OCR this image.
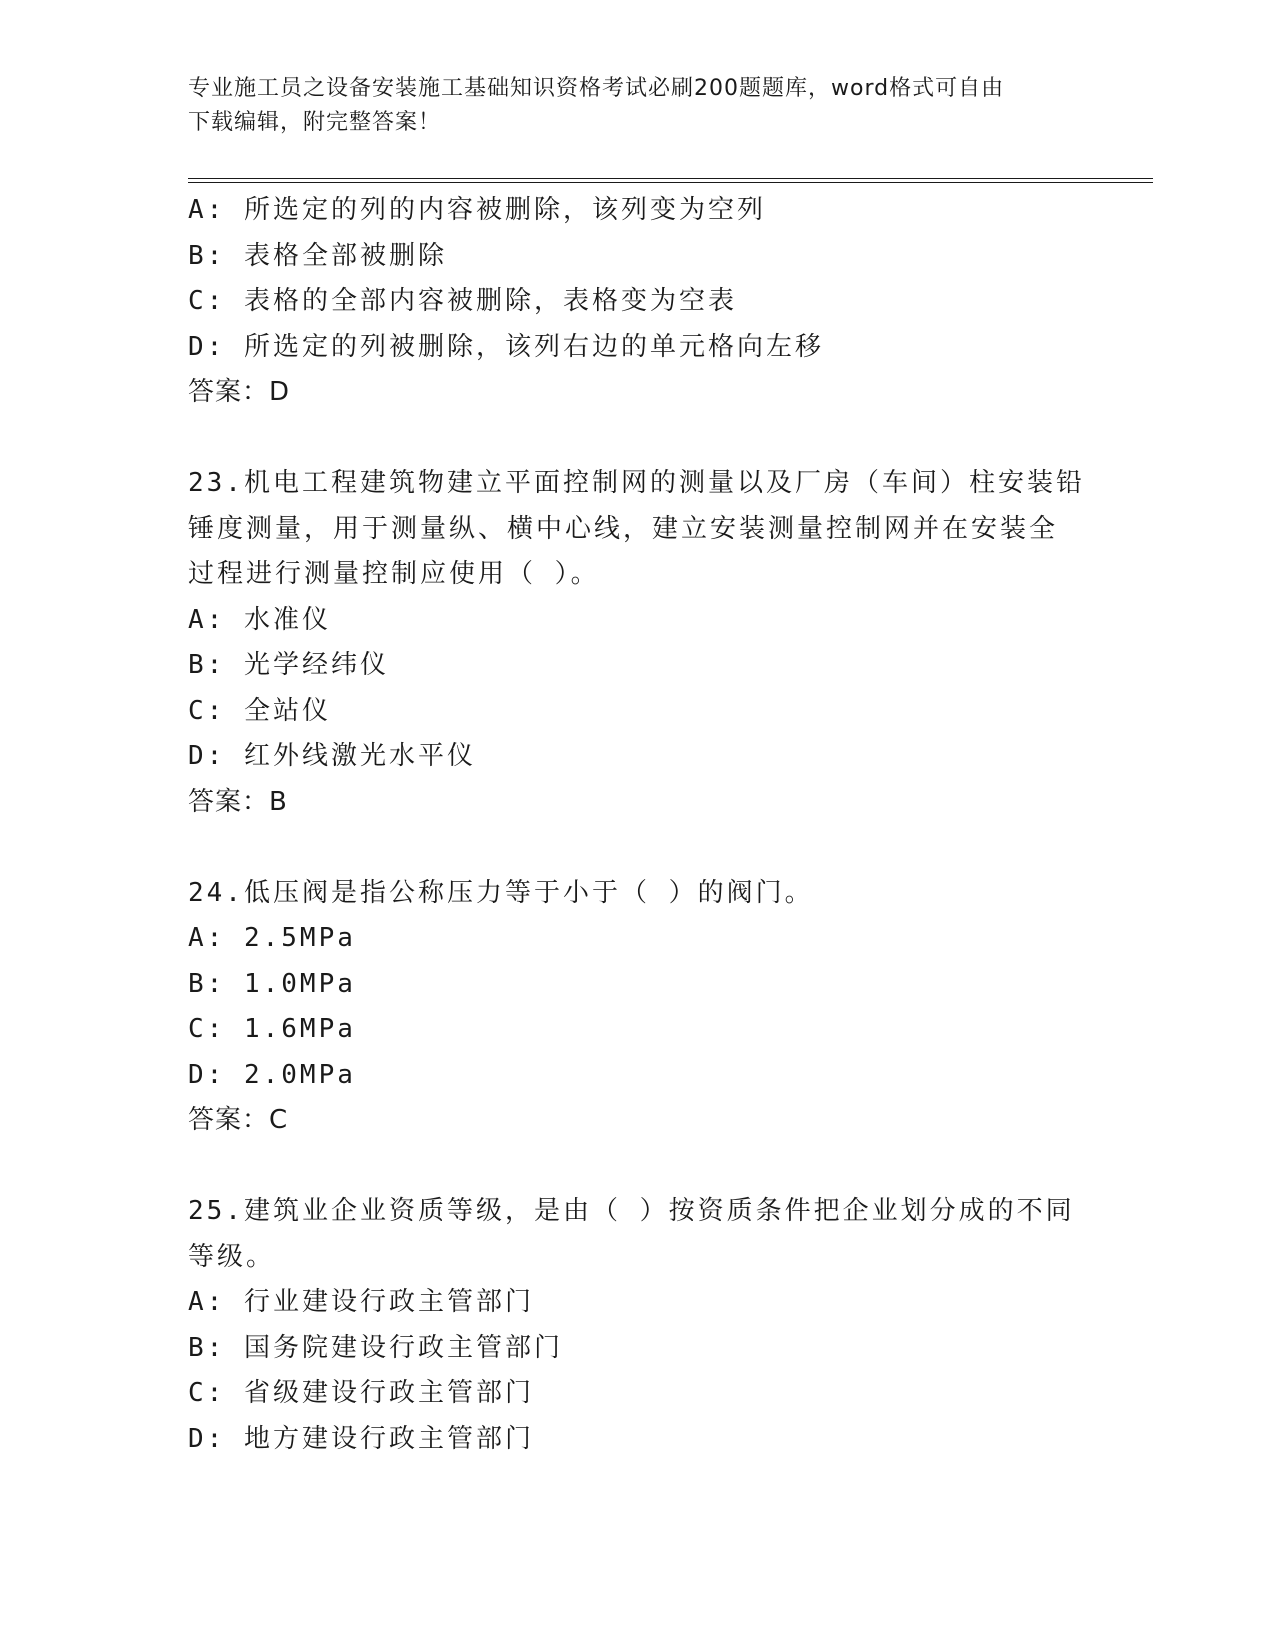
专业施工员之设备安装施工基础知识资格考试必刷200题题库，word格式可自由
下载编辑，附完整答案！
A: 所选定的列的内容被删除，该列变为空列
B: 表格全部被删除
C: 表格的全部内容被删除，表格变为空表
D: 所选定的列被删除，该列右边的单元格向左移
答案：D
23.机电工程建筑物建立平面控制网的测量以及厂房（车间）柱安装铅
锤度测量，用于测量纵、横中心线，建立安装测量控制网并在安装全
过程进行测量控制应使用（ ）。
A: 水准仪
B: 光学经纬仪
C: 全站仪
D: 红外线激光水平仪
答案：B
24.低压阀是指公称压力等于小于（ ）的阀门。
A: 2.5MPa
B: 1.0MPa
C: 1.6MPa
D: 2.0MPa
答案：C
25.建筑业企业资质等级，是由（ ）按资质条件把企业划分成的不同
等级。
A: 行业建设行政主管部门
B: 国务院建设行政主管部门
C: 省级建设行政主管部门
D: 地方建设行政主管部门
